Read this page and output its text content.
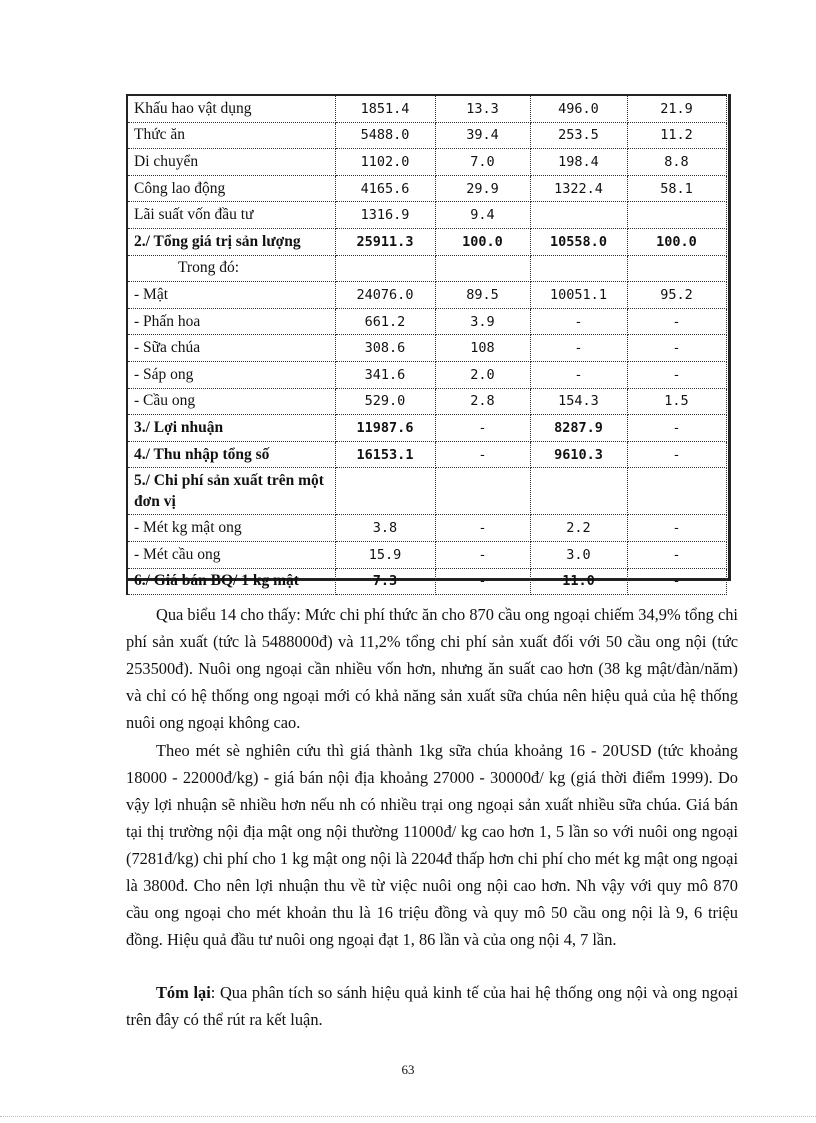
Khấu hao vật dụng	1851.4	13.3	496.0	21.9
Thức ăn	5488.0	39.4	253.5	11.2
Di chuyển	1102.0	7.0	198.4	8.8
Công lao động	4165.6	29.9	1322.4	58.1
Lãi suất vốn đầu tư	1316.9	9.4		
2./ Tổng giá trị sản lượng	25911.3	100.0	10558.0	100.0
Trong đó:				
- Mật	24076.0	89.5	10051.1	95.2
- Phấn hoa	661.2	3.9	-	-
- Sữa chúa	308.6	108	-	-
- Sáp ong	341.6	2.0	-	-
- Cầu ong	529.0	2.8	154.3	1.5
3./ Lợi nhuận	11987.6	-	8287.9	-
4./ Thu nhập tổng số	16153.1	-	9610.3	-
5./ Chi phí sản xuất trên một đơn vị				
- Mét kg mật ong	3.8	-	2.2	-
- Mét cầu ong	15.9	-	3.0	-
6./ Giá bán BQ/ 1 kg mật	7.3	-	11.0	-

Qua biểu 14 cho thấy: Mức chi phí thức ăn cho 870 cầu ong ngoại chiếm 34,9% tổng chi phí sản xuất (tức là 5488000đ) và 11,2% tổng chi phí sản xuất đối với 50 cầu ong nội (tức 253500đ). Nuôi ong ngoại cần nhiều vốn hơn, nhưng ăn suất cao hơn (38 kg mật/đàn/năm) và chỉ có hệ thống ong ngoại mới có khả năng sản xuất sữa chúa nên hiệu quả của hệ thống nuôi ong ngoại không cao.

Theo mét sè nghiên cứu thì giá thành 1kg sữa chúa khoảng 16 - 20USD (tức khoảng 18000 - 22000đ/kg) - giá bán nội địa khoảng 27000 - 30000đ/ kg (giá thời điểm 1999). Do vậy lợi nhuận sẽ nhiều hơn nếu nh có nhiều trại ong ngoại sản xuất nhiều sữa chúa. Giá bán tại thị trường nội địa mật ong nội thường 11000đ/ kg cao hơn 1, 5 lần so với nuôi ong ngoại (7281đ/kg) chi phí cho 1 kg mật ong nội là 2204đ thấp hơn chi phí cho mét kg mật ong ngoại là 3800đ. Cho nên lợi nhuận thu về từ việc nuôi ong nội cao hơn. Nh vậy với quy mô 870 cầu ong ngoại cho mét khoản thu là 16 triệu đồng và quy mô 50 cầu ong nội là 9, 6 triệu đồng. Hiệu quả đầu tư nuôi ong ngoại đạt 1, 86 lần và của ong nội 4, 7 lần.

Tóm lại: Qua phân tích so sánh hiệu quả kinh tế của hai hệ thống ong nội và ong ngoại trên đây có thể rút ra kết luận.

63
